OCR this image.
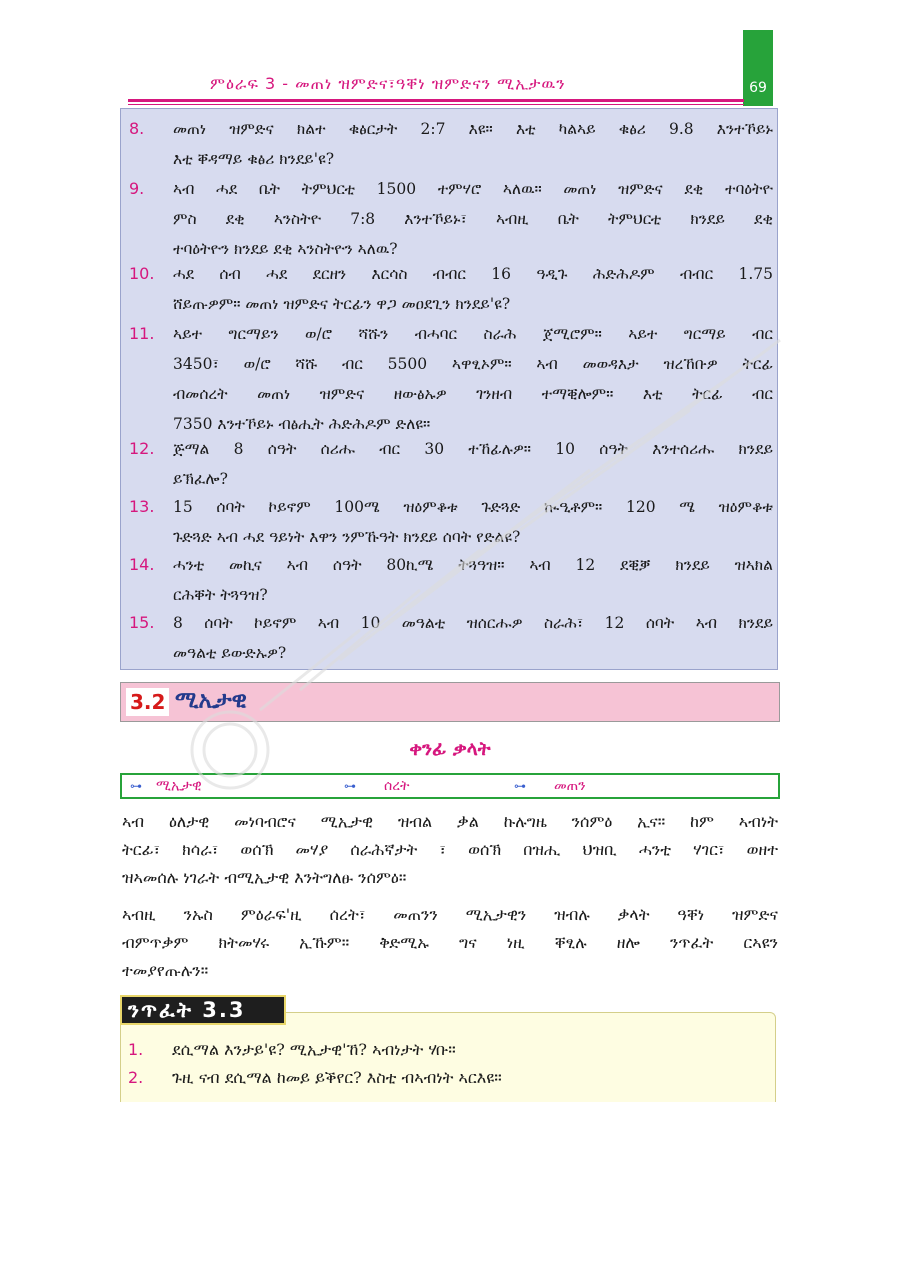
69
ምዕራፍ 3 - መጠነ ዝምድና፣ዓቐነ ዝምድናን ሚኢታዉን
8.	መጠነ ዝምድና ክልተ ቁፅርታት 2:7 እዩ። እቲ ካልኣይ ቁፅሪ 9.8 እንተኾይኑ
እቲ ቐዳማይ ቁፅሪ ክንደይ'ዩ?
9.	ኣብ ሓደ ቤት ትምህርቲ 1500 ተምሃሮ ኣለዉ። መጠነ ዝምድና ደቂ ተባዕትዮ
ምስ ደቂ ኣንስትዮ 7:8 እንተኾይኑ፣ ኣብዚ ቤት ትምህርቲ ክንደይ ደቂ
ተባዕትዮን ክንደይ ደቂ ኣንስትዮን ኣለዉ?
10.	ሓደ ሰብ ሓደ ደርዘን እርሳስ ብብር 16 ዓዲጉ ሕድሕዶም ብብር 1.75
ሸይጡዎም። መጠነ ዝምድና ትርፊን ዋጋ መዐደጊን ክንደይ'ዩ?
11.	ኣይተ ግርማይን ወ/ሮ ሻሹን ብሓባር ስራሕ ጀሚሮም። ኣይተ ግርማይ ብር
3450፣ ወ/ሮ ሻሹ ብር 5500 ኣዋፂኦም። ኣብ መወዳእታ ዝረኸቡዎ ትርፊ
ብመሰረት መጠነ ዝምድና ዘውፅኡዎ ገንዘብ ተማቒሎም። እቲ ትርፊ ብር
7350 እንተኾይኑ ብፅሒት ሕድሕዶም ድለዩ።
12.	ጅማል 8 ሰዓት ሰሪሑ ብር 30 ተኸፊሉዎ። 10 ሰዓት እንተሰሪሑ ክንደይ
ይኽፈሎ?
13.	15 ሰባት ኮይኖም 100ሜ ዝዕምቆቱ ጉድጓድ ኲዒቶም። 120 ሜ ዝዕምቆቱ
ጉድጓድ ኣብ ሓደ ዓይነት እዋን ንምኹዓት ክንደይ ሰባት የድልዩ?
14.	ሓንቲ መኪና ኣብ ሰዓት 80ኪሜ ትጓዓዝ። ኣብ 12 ደቒቓ ክንደይ ዝኣክል
ርሕቐት ትጓዓዝ?
15.	8 ሰባት ኮይኖም ኣብ 10 መዓልቲ ዝሰርሑዎ ስራሕ፣ 12 ሰባት ኣብ ክንደይ
መዓልቲ ይውድኡዎ?
3.2 ሚኢታዊ
ቀንፊ ቃላት
⊶ ሚኢታዊ	⊶ ሰረት	⊶ መጠን
ኣብ ዕለታዊ መነባብሮና ሚኢታዊ ዝብል ቃል ኩሉግዜ ንሰምዕ ኢና። ከም ኣብነት
ትርፊ፣ ክሳራ፣ ወሰኽ መሃያ ሰራሕኛታት ፣ ወሰኽ በዝሒ ህዝቢ ሓንቲ ሃገር፣ ወዘተ
ዝኣመሰሉ ነገራት ብሚኢታዊ እንትግለፁ ንሰምዕ።
ኣብዚ ንኡስ ምዕራፍ'ዚ ሰረት፣ መጠንን ሚኢታዊን ዝብሉ ቃላት ዓቐነ ዝምድና
ብምጥቃም ክትመሃሩ ኢኹም። ቅድሚኡ ግና ነዚ ቐፂሉ ዘሎ ንጥፈት ርኣዩን
ተመያየጡሉን።
ንጥፈት 3.3
1. ደሲማል እንታይ'ዩ? ሚኢታዊ'ኸ? ኣብነታት ሃቡ።
2. ጉዚ ናብ ደሲማል ከመይ ይቕየር? እስቲ ብኣብነት ኣርእዩ።
